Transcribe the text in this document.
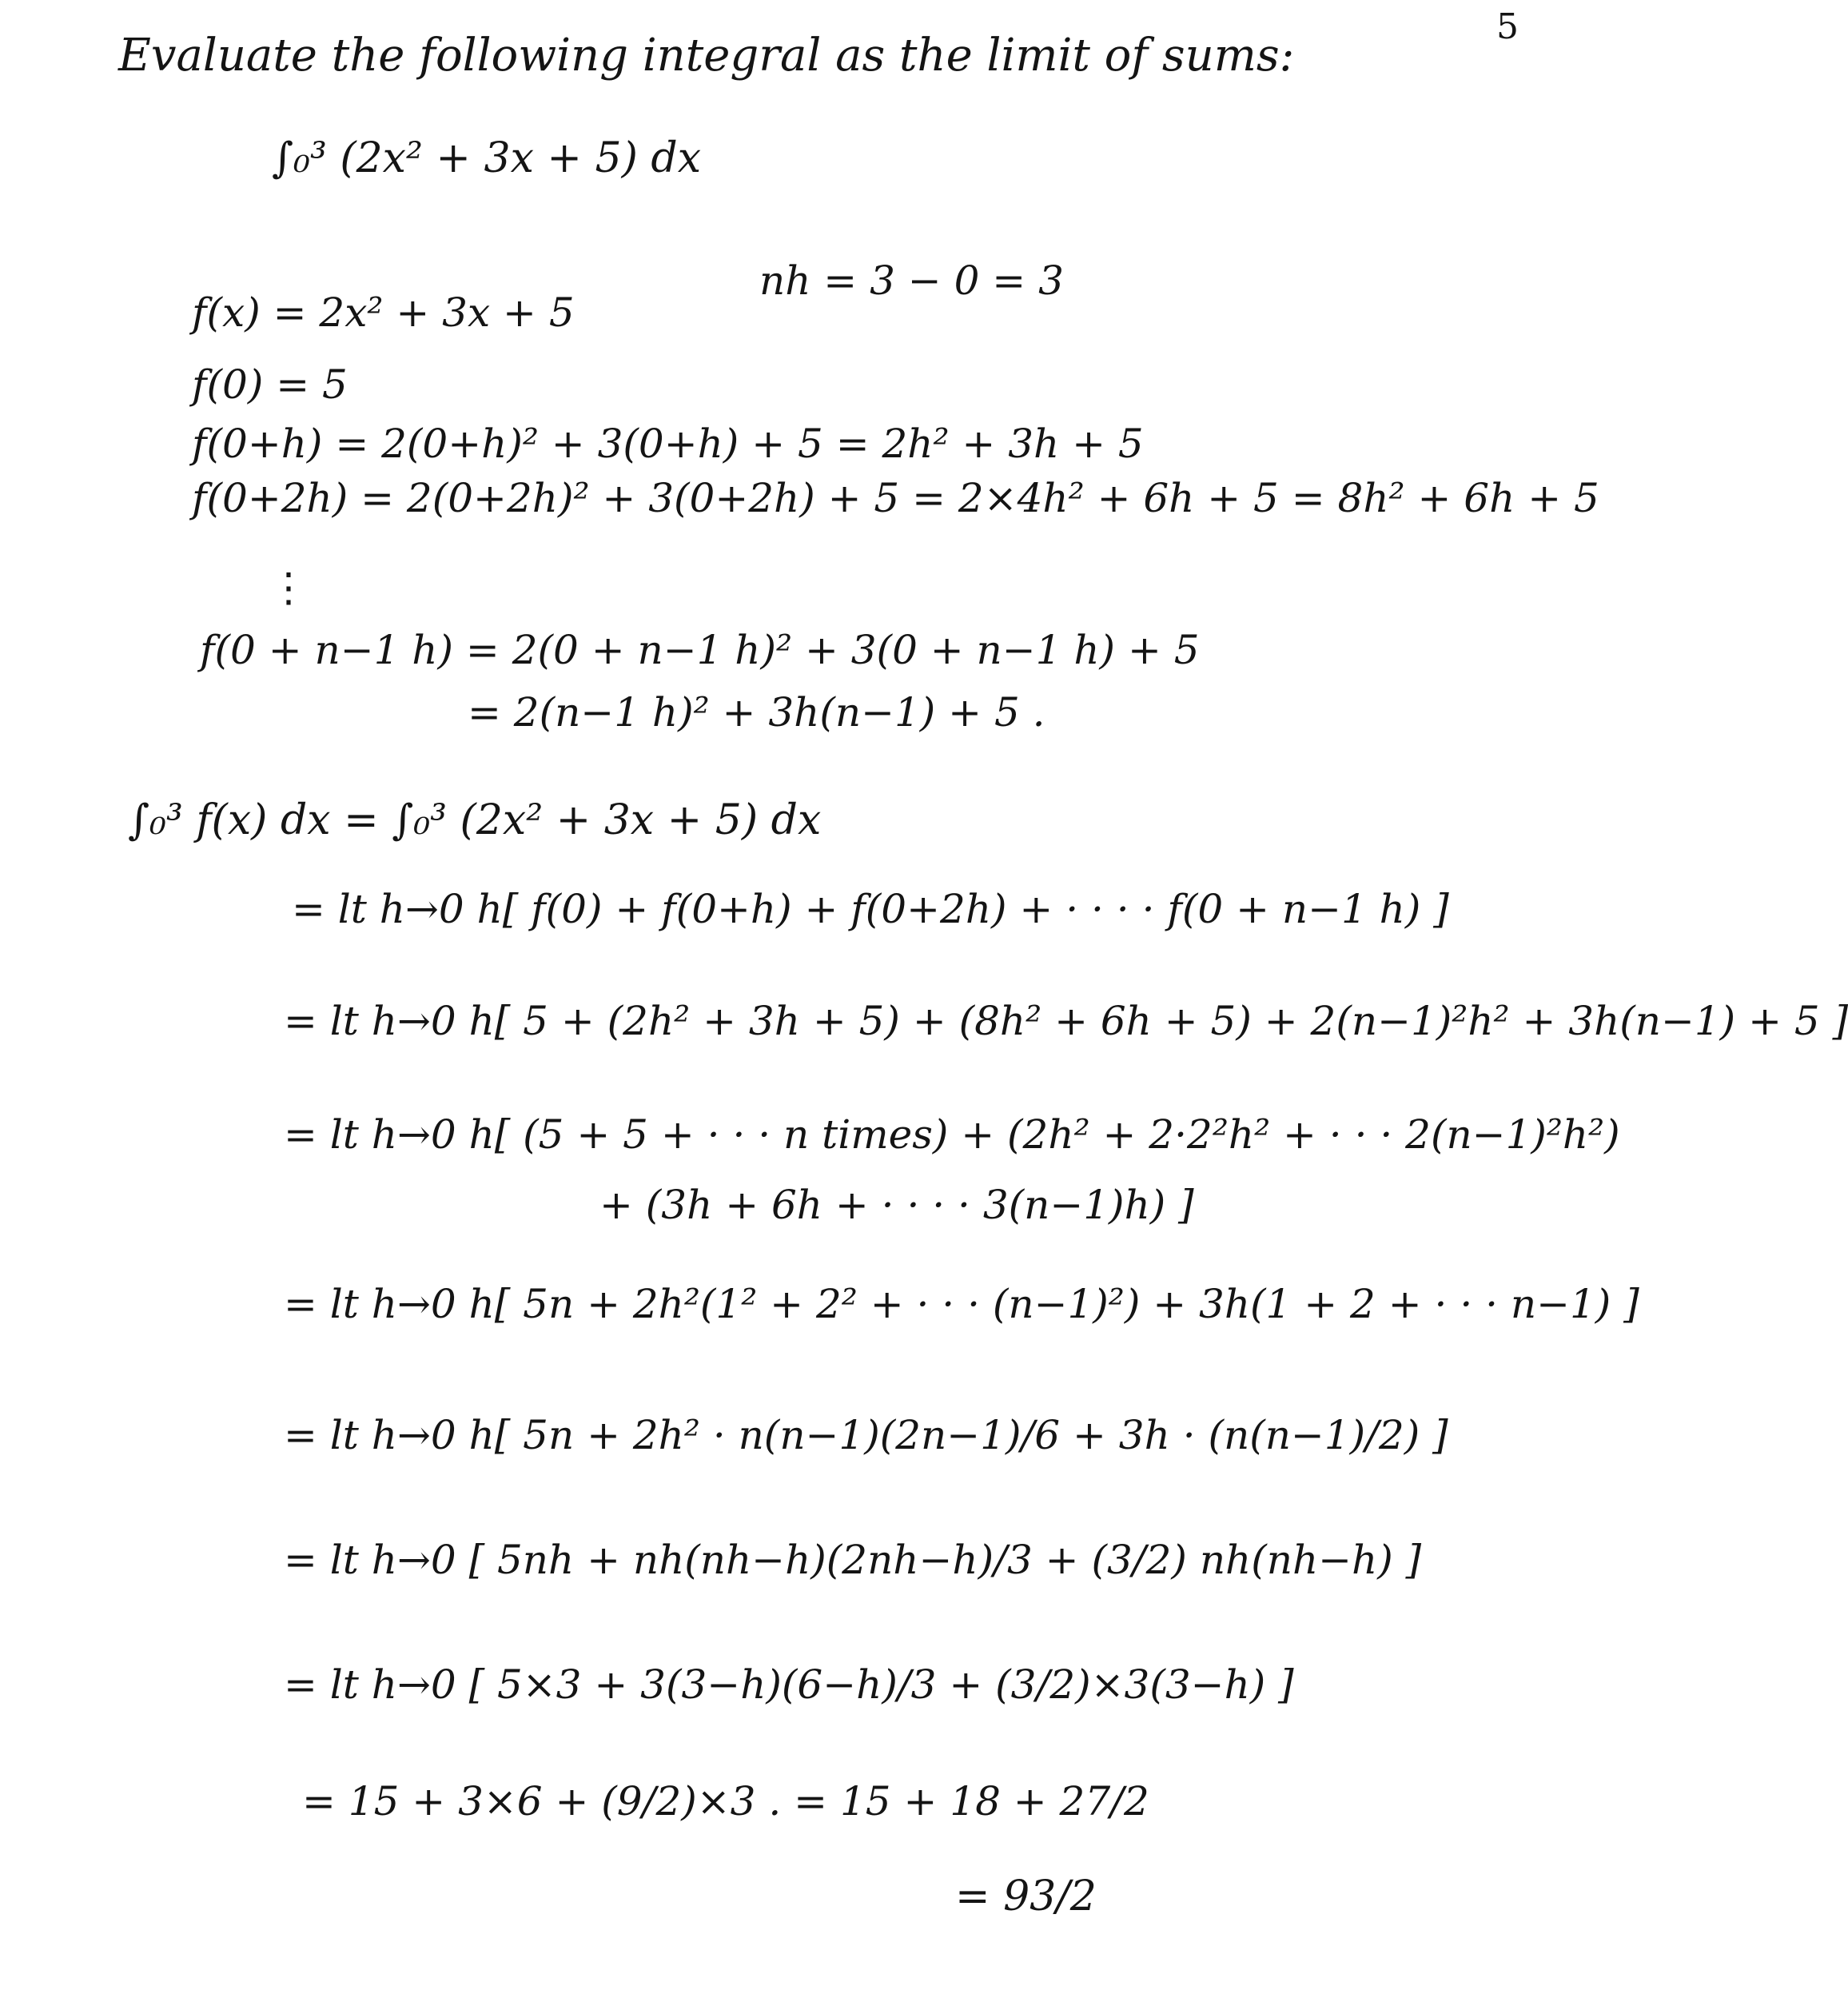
5
Evaluate the following integral as the limit of sums:
∫₀³ (2x² + 3x + 5) dx
f(x) = 2x² + 3x + 5
nh = 3 − 0 = 3
f(0) = 5
f(0+h) = 2(0+h)² + 3(0+h) + 5 = 2h² + 3h + 5
f(0+2h) = 2(0+2h)² + 3(0+2h) + 5 = 2×4h² + 6h + 5 = 8h² + 6h + 5
⋮
f(0 + n−1 h) = 2(0 + n−1 h)² + 3(0 + n−1 h) + 5
= 2(n−1 h)² + 3h(n−1) + 5 .
∫₀³ f(x) dx = ∫₀³ (2x² + 3x + 5) dx
= lt h→0 h[ f(0) + f(0+h) + f(0+2h) + · · · · f(0 + n−1 h) ]
= lt h→0 h[ 5 + (2h² + 3h + 5) + (8h² + 6h + 5) + 2(n−1)²h² + 3h(n−1) + 5 ]
= lt h→0 h[ (5 + 5 + · · · n times) + (2h² + 2·2²h² + · · · 2(n−1)²h²)
+ (3h + 6h + · · · · 3(n−1)h) ]
= lt h→0 h[ 5n + 2h²(1² + 2² + · · · (n−1)²) + 3h(1 + 2 + · · · n−1) ]
= lt h→0 h[ 5n + 2h² · n(n−1)(2n−1)/6 + 3h · (n(n−1)/2) ]
= lt h→0 [ 5nh + nh(nh−h)(2nh−h)/3 + (3/2) nh(nh−h) ]
= lt h→0 [ 5×3 + 3(3−h)(6−h)/3 + (3/2)×3(3−h) ]
= 15 + 3×6 + (9/2)×3 . = 15 + 18 + 27/2
= 93/2
